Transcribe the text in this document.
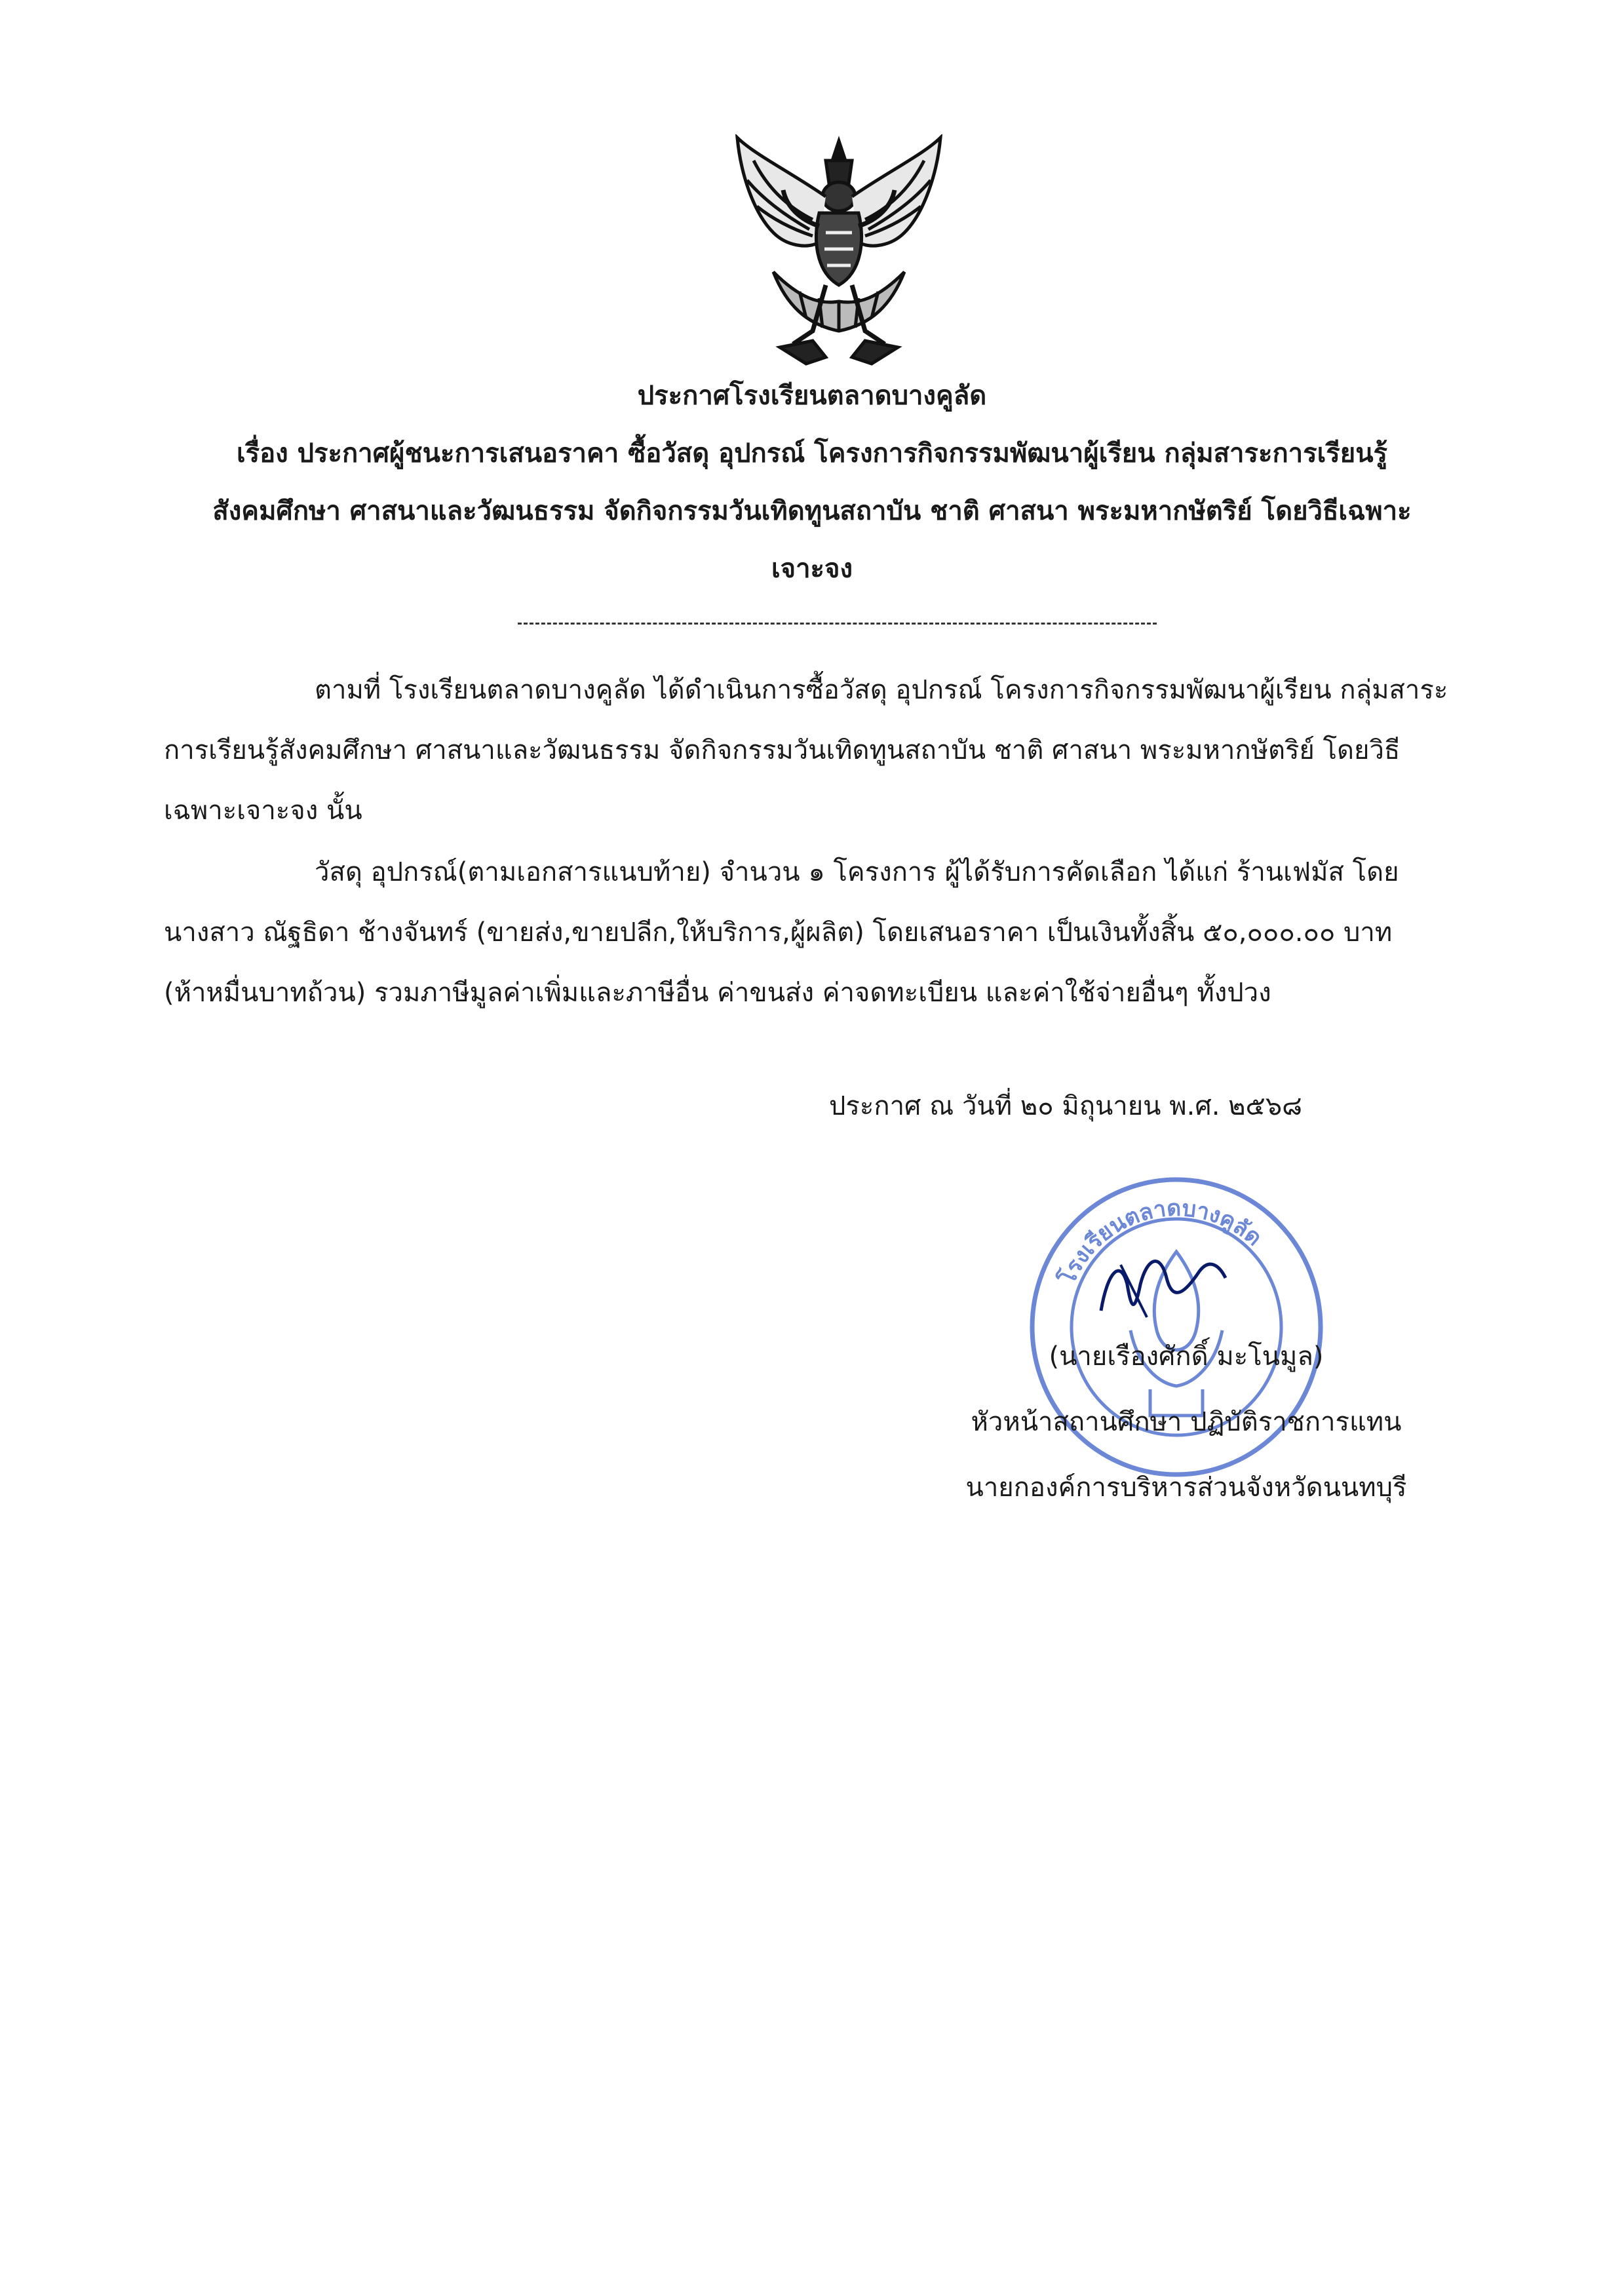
ประกาศโรงเรียนตลาดบางคูลัด
เรื่อง ประกาศผู้ชนะการเสนอราคา ซื้อวัสดุ อุปกรณ์ โครงการกิจกรรมพัฒนาผู้เรียน กลุ่มสาระการเรียนรู้
สังคมศึกษา ศาสนาและวัฒนธรรม จัดกิจกรรมวันเทิดทูนสถาบัน ชาติ ศาสนา พระมหากษัตริย์ โดยวิธีเฉพาะ
เจาะจง
ตามที่ โรงเรียนตลาดบางคูลัด ได้ดำเนินการซื้อวัสดุ อุปกรณ์ โครงการกิจกรรมพัฒนาผู้เรียน กลุ่มสาระ
การเรียนรู้สังคมศึกษา ศาสนาและวัฒนธรรม จัดกิจกรรมวันเทิดทูนสถาบัน ชาติ ศาสนา พระมหากษัตริย์ โดยวิธี
เฉพาะเจาะจง นั้น
วัสดุ อุปกรณ์(ตามเอกสารแนบท้าย) จำนวน ๑ โครงการ ผู้ได้รับการคัดเลือก ได้แก่ ร้านเฟมัส โดย
นางสาว ณัฐธิดา ช้างจันทร์ (ขายส่ง,ขายปลีก,ให้บริการ,ผู้ผลิต) โดยเสนอราคา เป็นเงินทั้งสิ้น ๕๐,๐๐๐.๐๐ บาท
(ห้าหมื่นบาทถ้วน) รวมภาษีมูลค่าเพิ่มและภาษีอื่น ค่าขนส่ง ค่าจดทะเบียน และค่าใช้จ่ายอื่นๆ ทั้งปวง
ประกาศ ณ วันที่ ๒๐ มิถุนายน พ.ศ. ๒๕๖๘
โรงเรียนตลาดบางคูลัด
(นายเรืองศักดิ์ มะโนมูล)
หัวหน้าสถานศึกษา ปฏิบัติราชการแทน
นายกองค์การบริหารส่วนจังหวัดนนทบุรี
